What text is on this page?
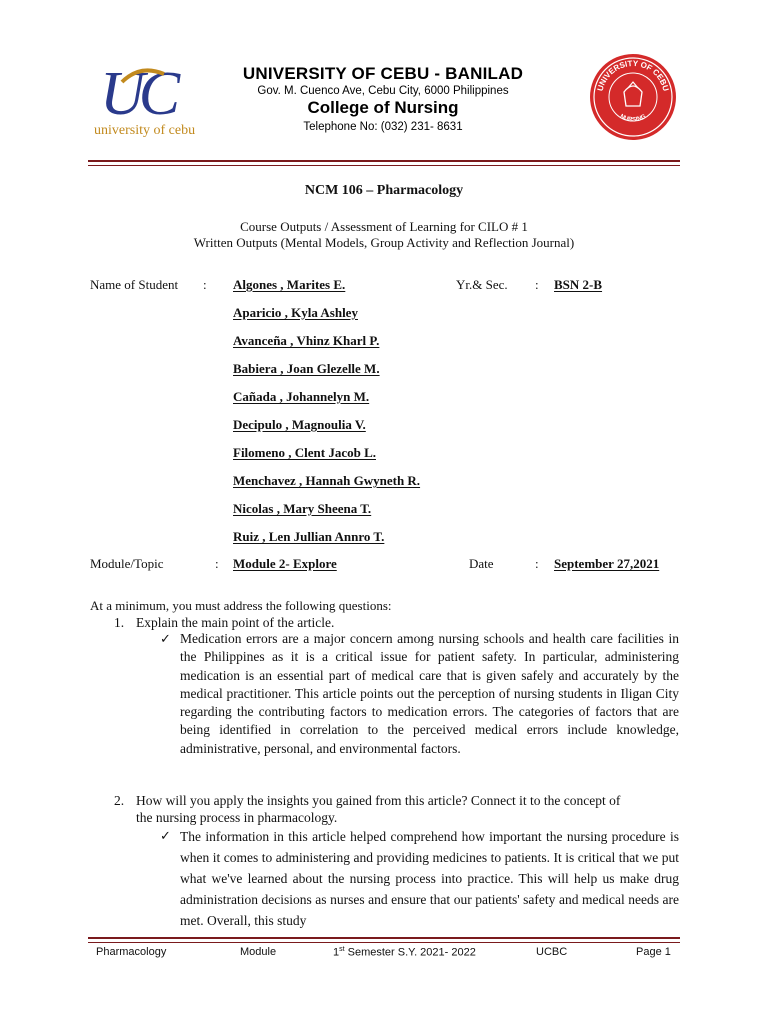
UC
university of cebu
UNIVERSITY OF CEBU - BANILAD
Gov. M. Cuenco Ave, Cebu City, 6000 Philippines
College of Nursing
Telephone No: (032) 231- 8631
UNIVERSITY OF CEBU
NURSING
NCM 106 – Pharmacology
Course Outputs / Assessment of Learning for CILO # 1
Written Outputs (Mental Models, Group Activity and Reflection Journal)
Name of Student : Algones , Marites E.
Aparicio , Kyla Ashley
Avanceña , Vhinz Kharl P.
Babiera , Joan Glezelle M.
Cañada , Johannelyn M.
Decipulo , Magnoulia V.
Filomeno , Clent Jacob L.
Menchavez , Hannah Gwyneth R.
Nicolas , Mary Sheena T.
Ruiz , Len Jullian Annro T.
Yr.& Sec. : BSN 2-B
Module/Topic	: Module 2- Explore	Date	: September 27,2021
At a minimum, you must address the following questions:
1. Explain the main point of the article.
✓ Medication errors are a major concern among nursing schools and health care facilities in the Philippines as it is a critical issue for patient safety. In particular, administering medication is an essential part of medical care that is given safely and accurately by the medical practitioner. This article points out the perception of nursing students in Iligan City regarding the contributing factors to medication errors. The categories of factors that are being identified in correlation to the perceived medical errors include knowledge, administrative, personal, and environmental factors.
2. How will you apply the insights you gained from this article? Connect it to the concept of
the nursing process in pharmacology.
✓ The information in this article helped comprehend how important the nursing procedure is when it comes to administering and providing medicines to patients. It is critical that we put what we've learned about the nursing process into practice. This will help us make drug administration decisions as nurses and ensure that our patients' safety and medical needs are met. Overall, this study
Pharmacology	Module	1st Semester S.Y. 2021- 2022	UCBC	Page 1
